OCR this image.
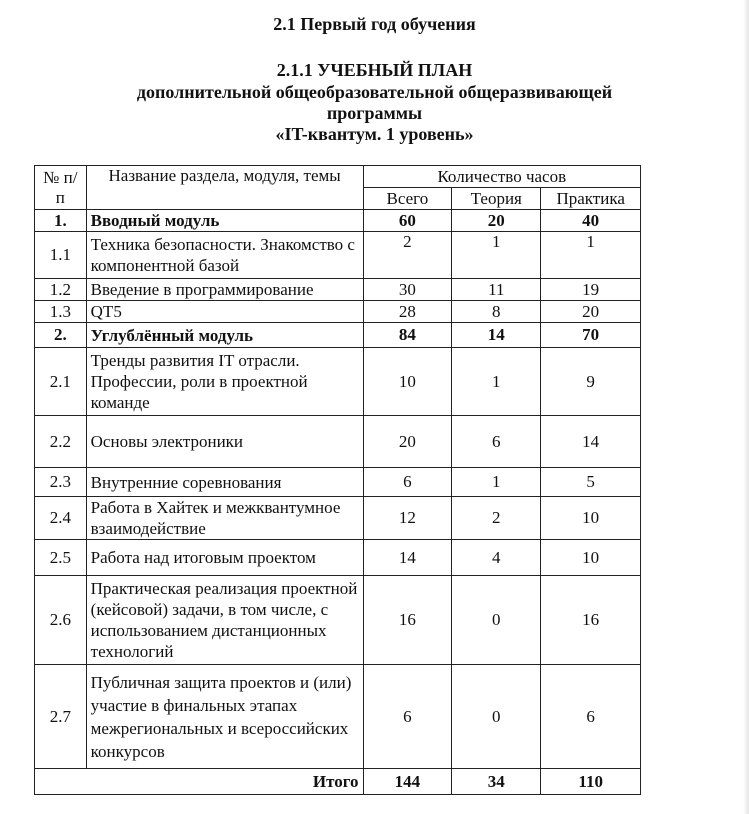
2.1 Первый год обучения

2.1.1 УЧЕБНЫЙ ПЛАН

дополнительной общеобразовательной общеразвивающей
программы
«IT-квантум. 1 уровень»
№ п/п	Название раздела, модуля, темы	Количество часов		
		Всего	Теория	Практика
1.	Вводный модуль	60	20	40
1.1	Техника безопасности. Знакомство с компонентной базой	2	1	1
1.2	Введение в программирование	30	11	19
1.3	QT5	28	8	20
2.	Углублённый модуль	84	14	70
2.1	Тренды развития IT отрасли. Профессии, роли в проектной команде	10	1	9
2.2	Основы электроники	20	6	14
2.3	Внутренние соревнования	6	1	5
2.4	Работа в Хайтек и межквантумное взаимодействие	12	2	10
2.5	Работа над итоговым проектом	14	4	10
2.6	Практическая реализация проектной (кейсовой) задачи, в том числе, с использованием дистанционных технологий	16	0	16
2.7	Публичная защита проектов и (или) участие в финальных этапах межрегиональных и всероссийских конкурсов	6	0	6
Итого		144	34	110
